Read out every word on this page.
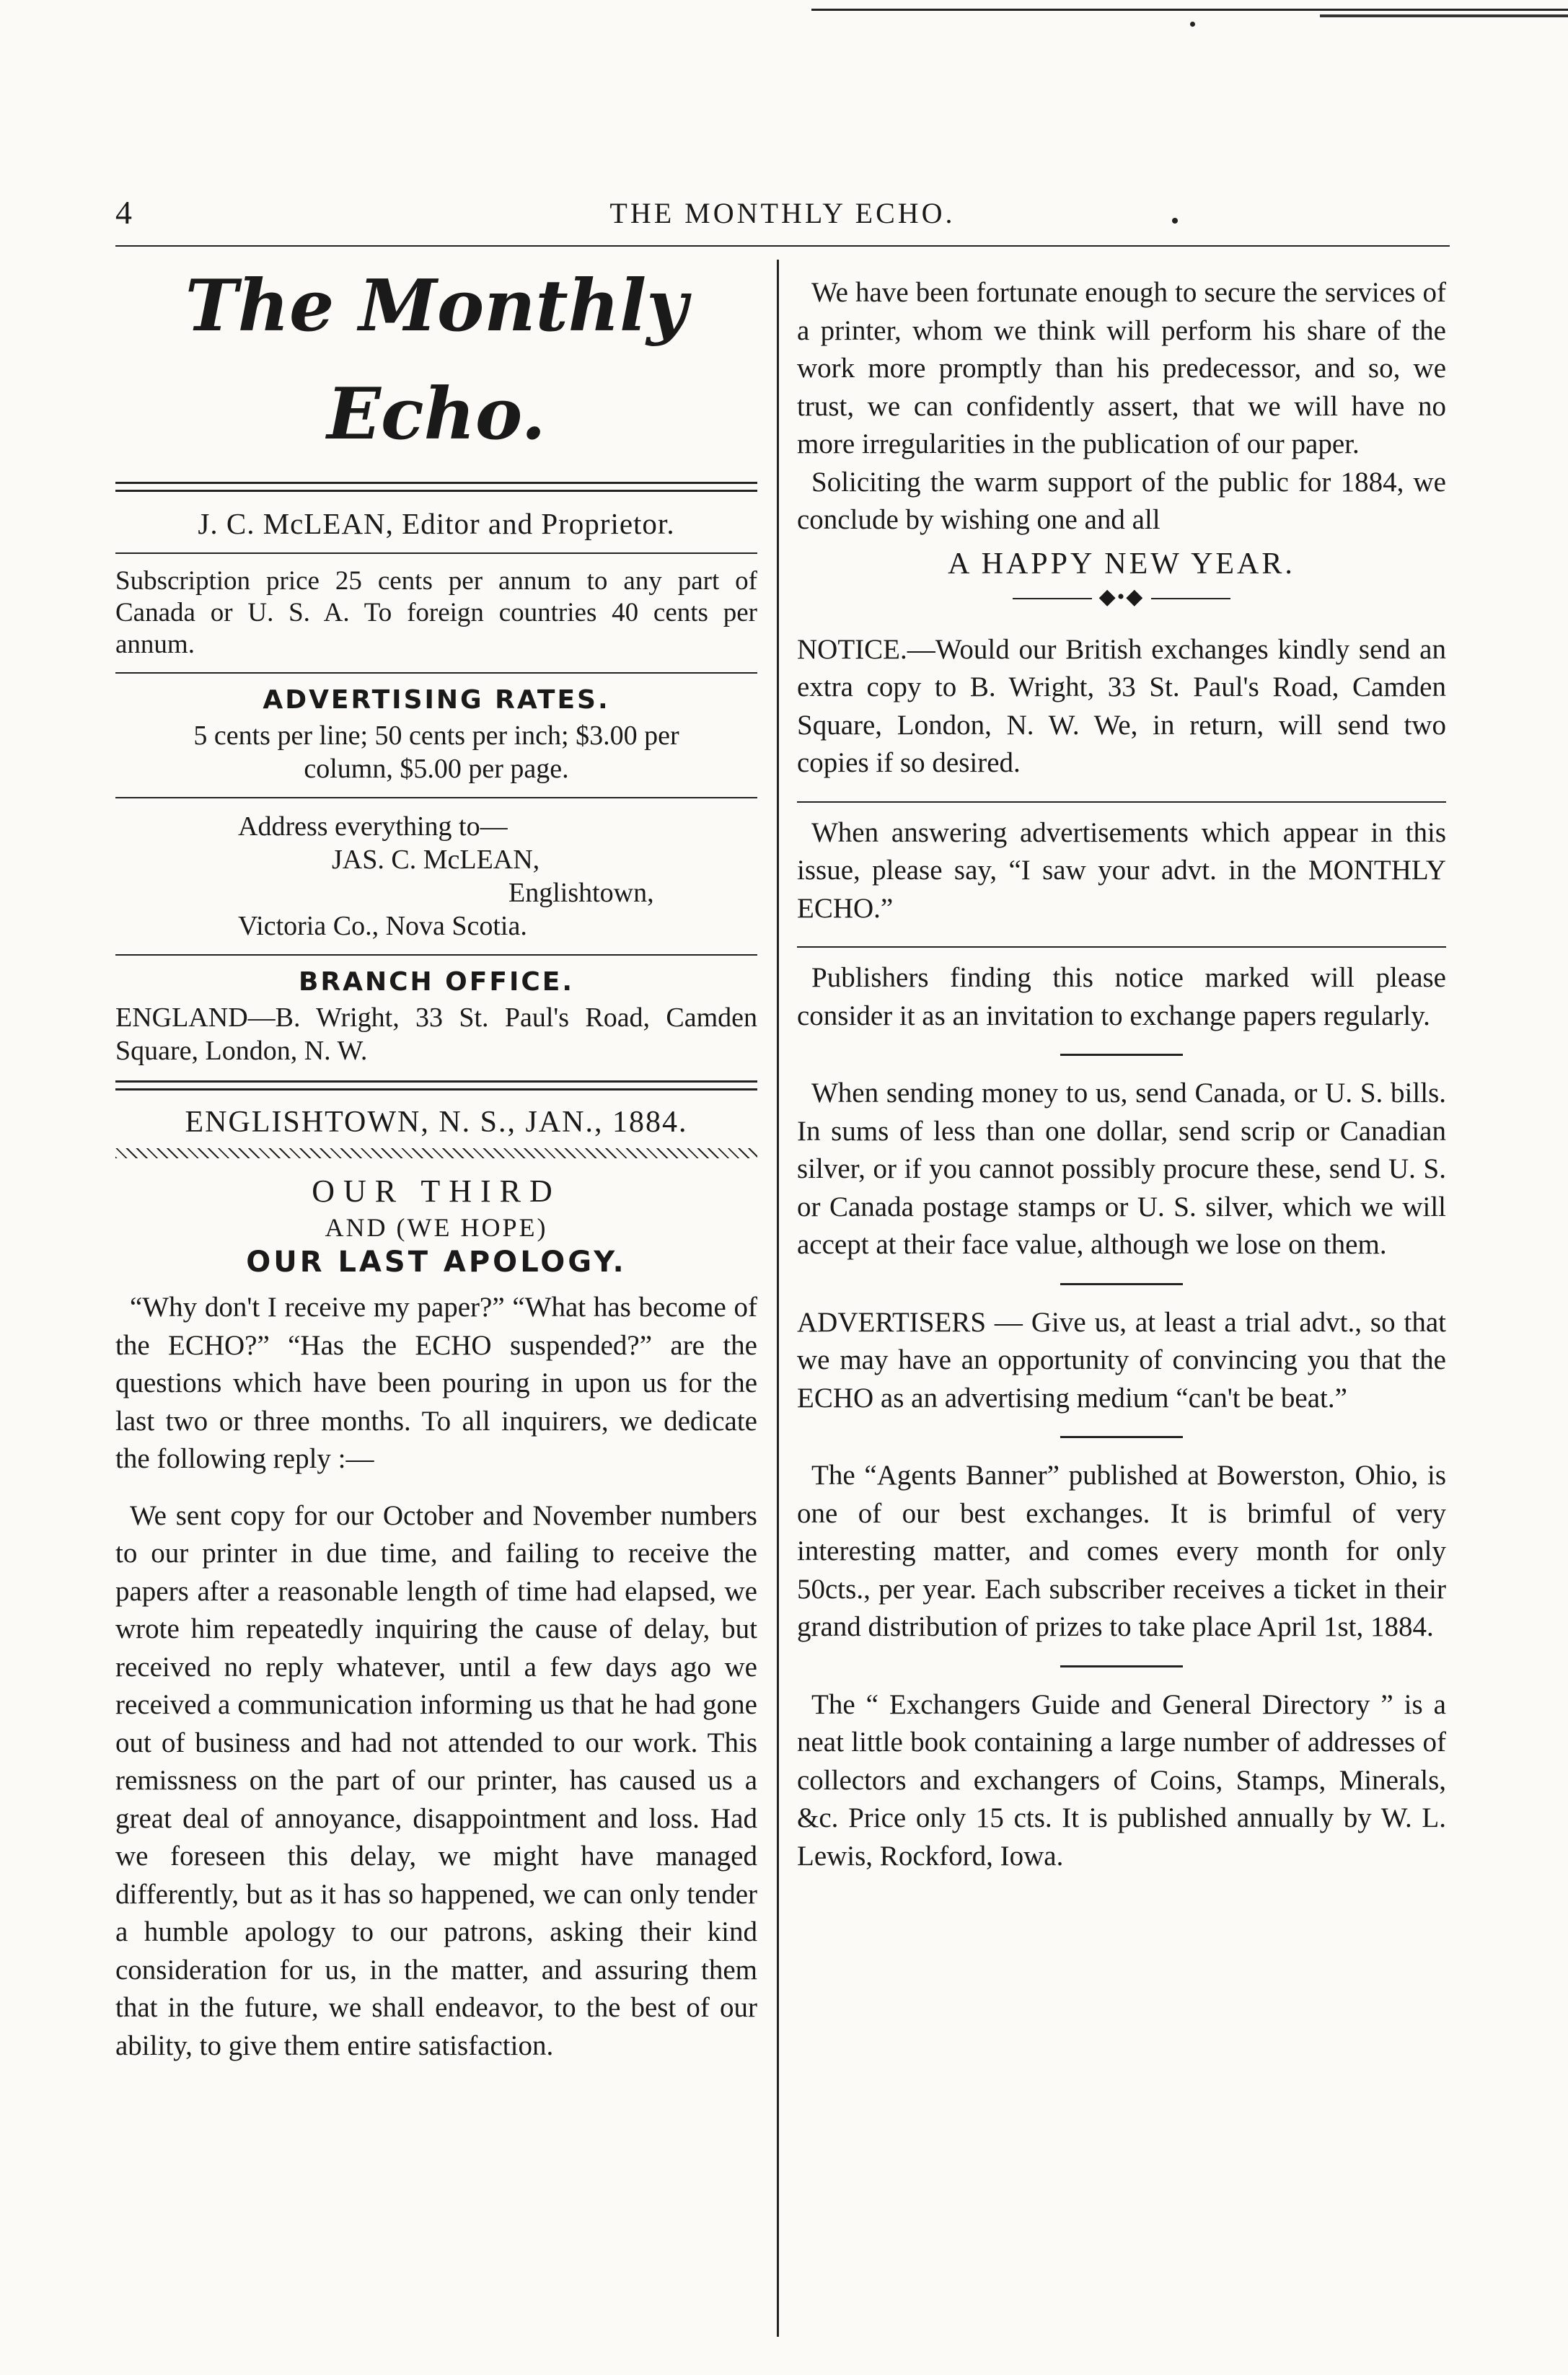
4	THE MONTHLY ECHO.
The Monthly Echo.

J. C. McLEAN, Editor and Proprietor.

Subscription price 25 cents per annum to any part of Canada or U. S. A. To foreign countries 40 cents per annum.

ADVERTISING RATES.

5 cents per line; 50 cents per inch; $3.00 per

column, $5.00 per page.

Address everything to—
JAS. C. McLEAN,
Englishtown,
Victoria Co., Nova Scotia.

BRANCH OFFICE.

ENGLAND—B. Wright, 33 St. Paul's Road, Camden Square, London, N. W.

ENGLISHTOWN, N. S., JAN., 1884.

OUR THIRD

AND (WE HOPE)

OUR LAST APOLOGY.

“Why don't I receive my paper?” “What has become of the ECHO?” “Has the ECHO suspended?” are the questions which have been pouring in upon us for the last two or three months. To all inquirers, we dedicate the following reply :—

We sent copy for our October and November numbers to our printer in due time, and failing to receive the papers after a reasonable length of time had elapsed, we wrote him repeatedly inquiring the cause of delay, but received no reply whatever, until a few days ago we received a communication informing us that he had gone out of business and had not attended to our work. This remissness on the part of our printer, has caused us a great deal of annoyance, disappointment and loss. Had we foreseen this delay, we might have managed differently, but as it has so happened, we can only tender a humble apology to our patrons, asking their kind consideration for us, in the matter, and assuring them that in the future, we shall endeavor, to the best of our ability, to give them entire satisfaction.

We have been fortunate enough to secure the services of a printer, whom we think will perform his share of the work more promptly than his predecessor, and so, we trust, we can confidently assert, that we will have no more irregularities in the publication of our paper.

Soliciting the warm support of the public for 1884, we conclude by wishing one and all

A HAPPY NEW YEAR.

◆•◆

NOTICE.—Would our British exchanges kindly send an extra copy to B. Wright, 33 St. Paul's Road, Camden Square, London, N. W. We, in return, will send two copies if so desired.

When answering advertisements which appear in this issue, please say, “I saw your advt. in the MONTHLY ECHO.”

Publishers finding this notice marked will please consider it as an invitation to exchange papers regularly.

When sending money to us, send Canada, or U. S. bills. In sums of less than one dollar, send scrip or Canadian silver, or if you cannot possibly procure these, send U. S. or Canada postage stamps or U. S. silver, which we will accept at their face value, although we lose on them.

ADVERTISERS — Give us, at least a trial advt., so that we may have an opportunity of convincing you that the ECHO as an advertising medium “can't be beat.”

The “Agents Banner” published at Bowerston, Ohio, is one of our best exchanges. It is brimful of very interesting matter, and comes every month for only 50cts., per year. Each subscriber receives a ticket in their grand distribution of prizes to take place April 1st, 1884.

The “ Exchangers Guide and General Directory ” is a neat little book containing a large number of addresses of collectors and exchangers of Coins, Stamps, Minerals, &c. Price only 15 cts. It is published annually by W. L. Lewis, Rockford, Iowa.
